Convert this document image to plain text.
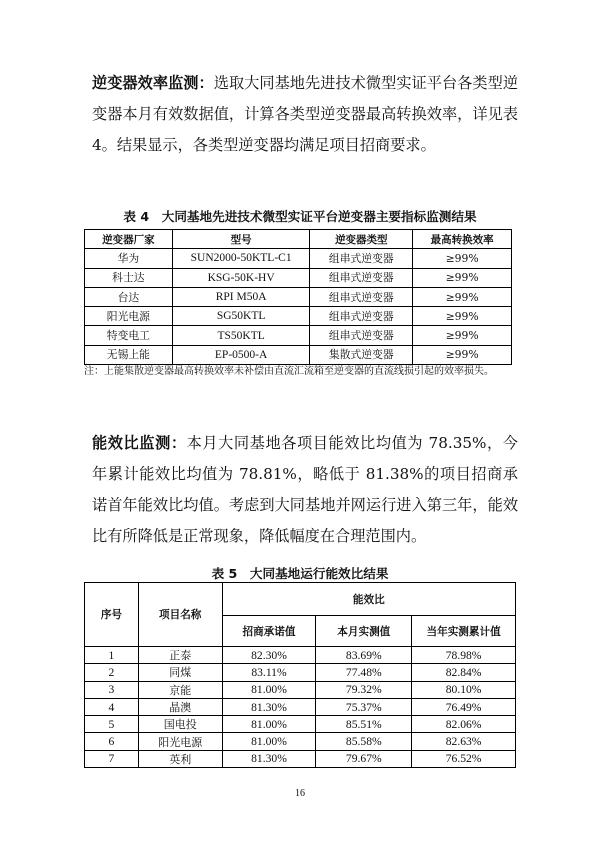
逆变器效率监测：选取大同基地先进技术微型实证平台各类型逆变器本月有效数据值，计算各类型逆变器最高转换效率，详见表 4。结果显示，各类型逆变器均满足项目招商要求。
表 4　大同基地先进技术微型实证平台逆变器主要指标监测结果
逆变器厂家	型号	逆变器类型	最高转换效率
华为	SUN2000-50KTL-C1	组串式逆变器	≥99%
科士达	KSG-50K-HV	组串式逆变器	≥99%
台达	RPI M50A	组串式逆变器	≥99%
阳光电源	SG50KTL	组串式逆变器	≥99%
特变电工	TS50KTL	组串式逆变器	≥99%
无锡上能	EP-0500-A	集散式逆变器	≥99%
注：上能集散逆变器最高转换效率未补偿由直流汇流箱至逆变器的直流线损引起的效率损失。
能效比监测：本月大同基地各项目能效比均值为 78.35%，今年累计能效比均值为 78.81%，略低于 81.38%的项目招商承诺首年能效比均值。考虑到大同基地并网运行进入第三年，能效比有所降低是正常现象，降低幅度在合理范围内。
表 5　大同基地运行能效比结果
序号	项目名称	能效比		
		招商承诺值	本月实测值	当年实测累计值
1	正泰	82.30%	83.69%	78.98%
2	同煤	83.11%	77.48%	82.84%
3	京能	81.00%	79.32%	80.10%
4	晶澳	81.30%	75.37%	76.49%
5	国电投	81.00%	85.51%	82.06%
6	阳光电源	81.00%	85.58%	82.63%
7	英利	81.30%	79.67%	76.52%
16
